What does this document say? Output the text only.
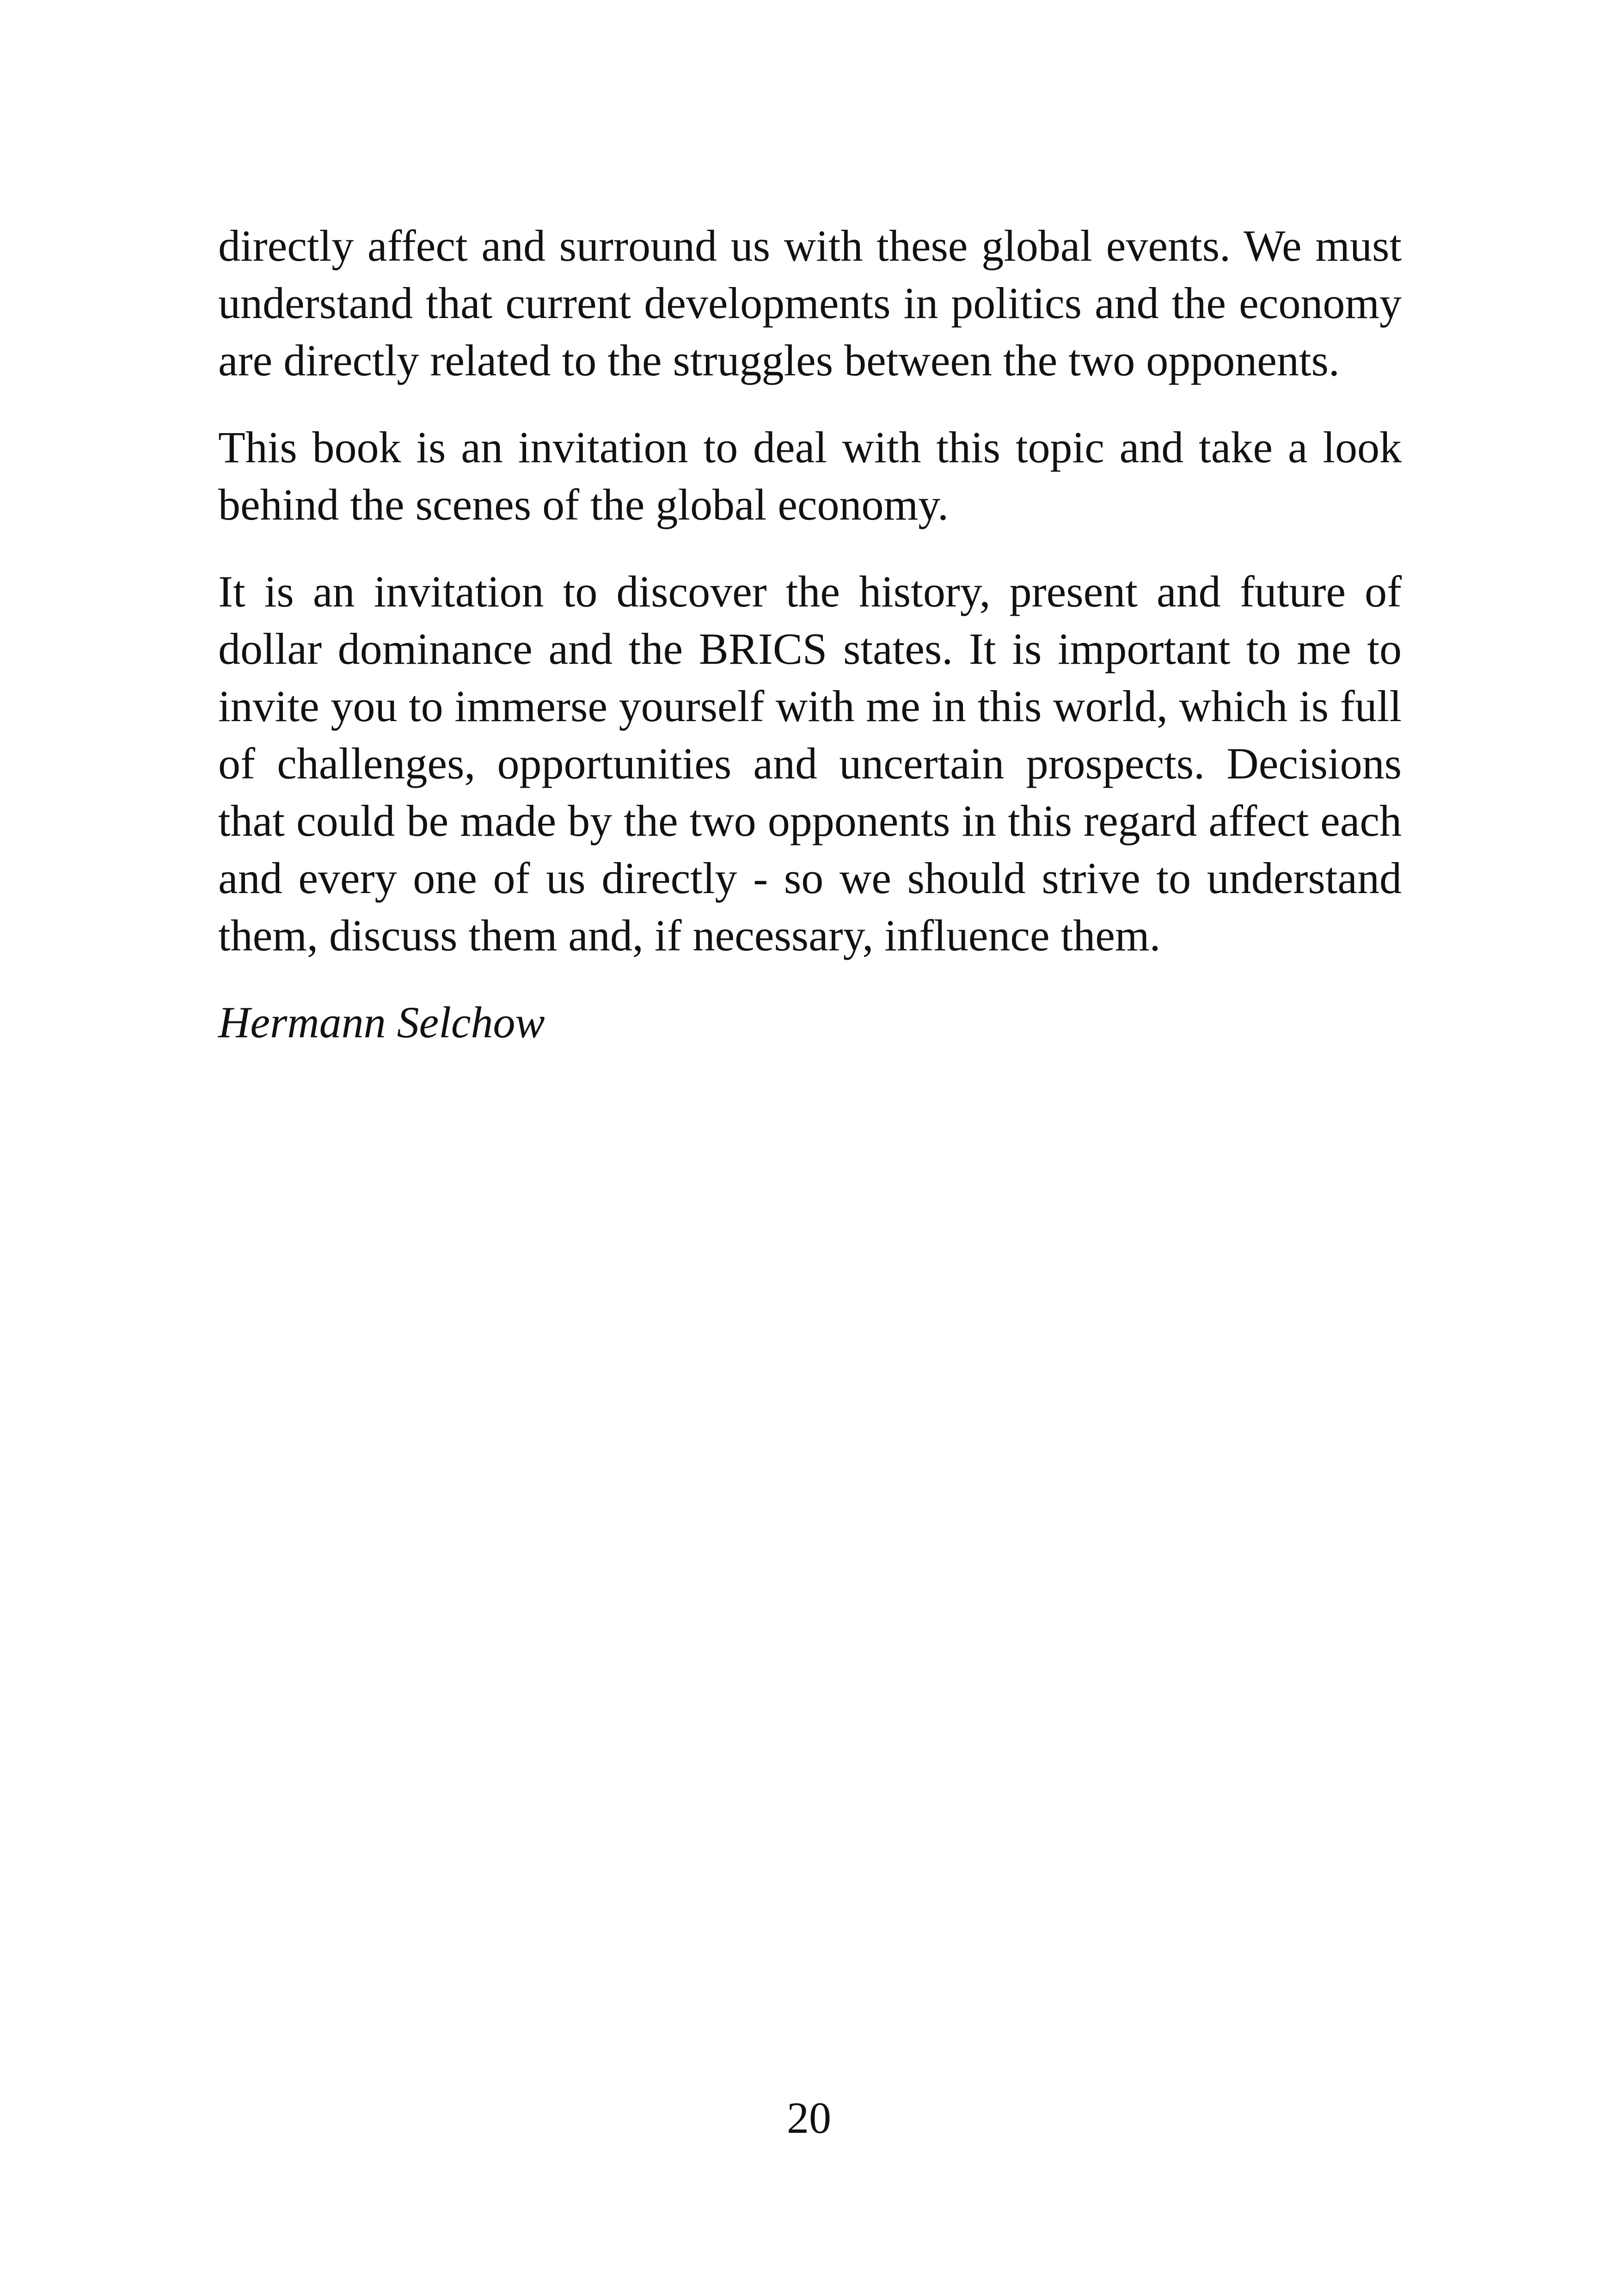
directly affect and surround us with these global events. We must understand that current developments in politics and the economy are directly related to the struggles between the two opponents.

This book is an invitation to deal with this topic and take a look behind the scenes of the global economy.

It is an invitation to discover the history, present and future of dollar dominance and the BRICS states. It is important to me to invite you to immerse yourself with me in this world, which is full of challenges, opportunities and uncertain prospects. Decisions that could be made by the two opponents in this regard affect each and every one of us directly - so we should strive to understand them, discuss them and, if necessary, influence them.

Hermann Selchow

20
